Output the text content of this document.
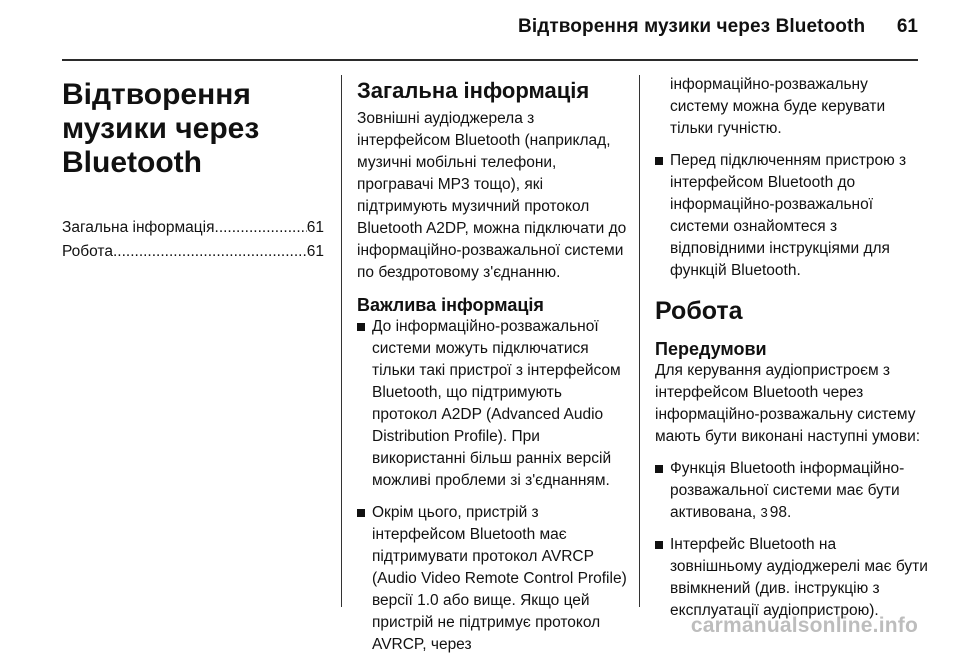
Відтворення музики через Bluetooth 61
Відтворення музики через Bluetooth
Загальна інформація .....	61
Робота .....	61
Загальна інформація

Зовнішні аудіоджерела з інтерфейсом Bluetooth (наприклад, музичні мобільні телефони, програвачі MP3 тощо), які підтримують музичний протокол Bluetooth A2DP, можна підключати до інформаційно-розважальної системи по бездротовому з'єднанню.

Важлива інформація
До інформаційно-розважальної системи можуть підключатися тільки такі пристрої з інтерфейсом Bluetooth, що підтримують протокол A2DP (Advanced Audio Distribution Profile). При використанні більш ранніх версій можливі проблеми зі з'єднанням.
Окрім цього, пристрій з інтерфейсом Bluetooth має підтримувати протокол AVRCP (Audio Video Remote Control Profile) версії 1.0 або вище. Якщо цей пристрій не підтримує протокол AVRCP, через
інформаційно-розважальну систему можна буде керувати тільки гучністю.
Перед підключенням пристрою з інтерфейсом Bluetooth до інформаційно-розважальної системи ознайомтеся з відповідними інструкціями для функцій Bluetooth.
Робота
Передумови

Для керування аудіопристроєм з інтерфейсом Bluetooth через інформаційно-розважальну систему мають бути виконані наступні умови:

Функція Bluetooth інформаційно-розважальної системи має бути активована, 3 98.
Інтерфейс Bluetooth на зовнішньому аудіоджерелі має бути ввімкнений (див. інструкцію з експлуатації аудіопристрою).
carmanualsonline.info
